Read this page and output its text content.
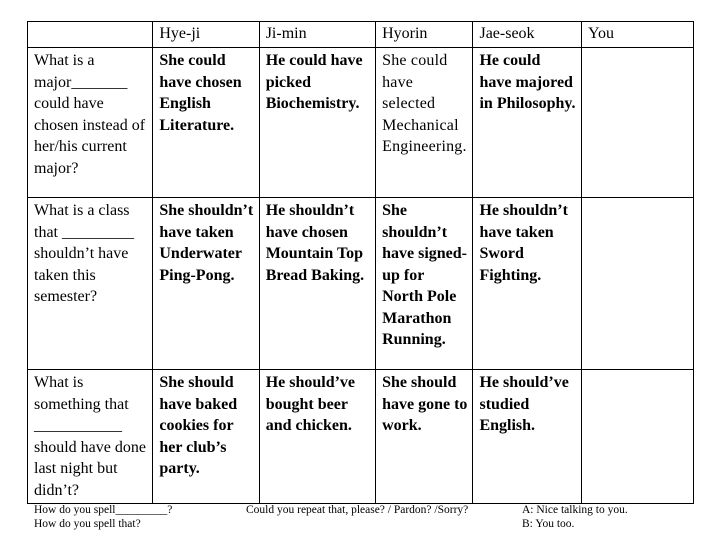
	Hye-ji	Ji-min	Hyorin	Jae-seok	You
What is a major_______ could have chosen instead of her/his current major?	She could have chosen English Literature.	He could have picked Biochemistry.	She could have selected Mechanical Engineering.	He could have majored in Philosophy.	
What is a class that _________ shouldn’t have taken this semester?	She shouldn’t have taken Underwater Ping-Pong.	He shouldn’t have chosen Mountain Top Bread Baking.	She shouldn’t have signed-up for North Pole Marathon Running.	He shouldn’t have taken Sword Fighting.	
What is something that ___________ should have done last night but didn’t?	She should have baked cookies for her club’s party.	He should’ve bought beer and chicken.	She should have gone to work.	He should’ve studied English.	
How do you spell_________?
How do you spell that?
Could you repeat that, please? / Pardon? /Sorry?	A: Nice talking to you.
B: You too.
